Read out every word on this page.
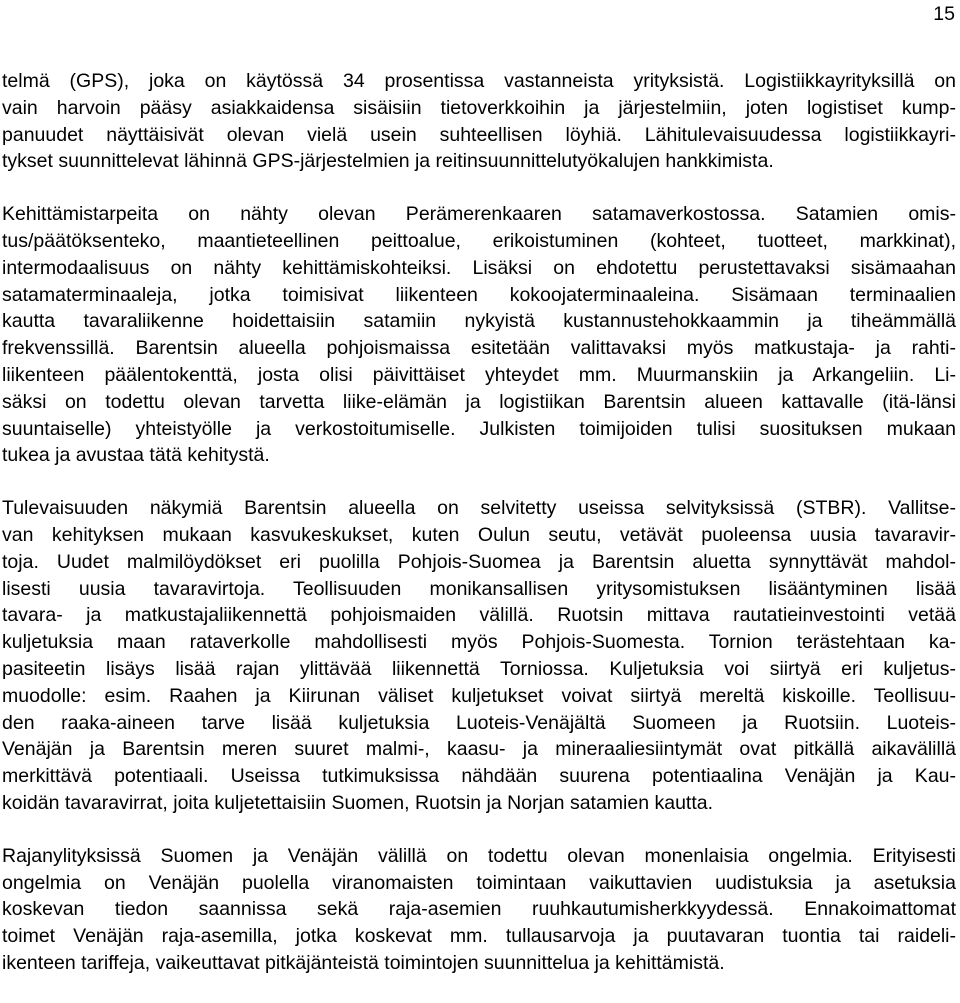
15
telmä (GPS), joka on käytössä 34 prosentissa vastanneista yrityksistä. Logistiikkayrityksillä on
vain harvoin pääsy asiakkaidensa sisäisiin tietoverkkoihin ja järjestelmiin, joten logistiset kump-
panuudet näyttäisivät olevan vielä usein suhteellisen löyhiä. Lähitulevaisuudessa logistiikkayri-
tykset suunnittelevat lähinnä GPS-järjestelmien ja reitinsuunnittelutyökalujen hankkimista.
Kehittämistarpeita on nähty olevan Perämerenkaaren satamaverkostossa. Satamien omis-
tus/päätöksenteko, maantieteellinen peittoalue, erikoistuminen (kohteet, tuotteet, markkinat),
intermodaalisuus on nähty kehittämiskohteiksi. Lisäksi on ehdotettu perustettavaksi sisämaahan
satamaterminaaleja, jotka toimisivat liikenteen kokoojaterminaaleina. Sisämaan terminaalien
kautta tavaraliikenne hoidettaisiin satamiin nykyistä kustannustehokkaammin ja tiheämmällä
frekvenssillä. Barentsin alueella pohjoismaissa esitetään valittavaksi myös matkustaja- ja rahti-
liikenteen päälentokenttä, josta olisi päivittäiset yhteydet mm. Muurmanskiin ja Arkangeliin. Li-
säksi on todettu olevan tarvetta liike-elämän ja logistiikan Barentsin alueen kattavalle (itä-länsi
suuntaiselle) yhteistyölle ja verkostoitumiselle. Julkisten toimijoiden tulisi suosituksen mukaan
tukea ja avustaa tätä kehitystä.
Tulevaisuuden näkymiä Barentsin alueella on selvitetty useissa selvityksissä (STBR). Vallitse-
van kehityksen mukaan kasvukeskukset, kuten Oulun seutu, vetävät puoleensa uusia tavaravir-
toja. Uudet malmilöydökset eri puolilla Pohjois-Suomea ja Barentsin aluetta synnyttävät mahdol-
lisesti uusia tavaravirtoja. Teollisuuden monikansallisen yritysomistuksen lisääntyminen lisää
tavara- ja matkustajaliikennettä pohjoismaiden välillä. Ruotsin mittava rautatieinvestointi vetää
kuljetuksia maan rataverkolle mahdollisesti myös Pohjois-Suomesta. Tornion terästehtaan ka-
pasiteetin lisäys lisää rajan ylittävää liikennettä Torniossa. Kuljetuksia voi siirtyä eri kuljetus-
muodolle: esim. Raahen ja Kiirunan väliset kuljetukset voivat siirtyä mereltä kiskoille. Teollisuu-
den raaka-aineen tarve lisää kuljetuksia Luoteis-Venäjältä Suomeen ja Ruotsiin. Luoteis-
Venäjän ja Barentsin meren suuret malmi-, kaasu- ja mineraaliesiintymät ovat pitkällä aikavälillä
merkittävä potentiaali. Useissa tutkimuksissa nähdään suurena potentiaalina Venäjän ja Kau-
koidän tavaravirrat, joita kuljetettaisiin Suomen, Ruotsin ja Norjan satamien kautta.
Rajanylityksissä Suomen ja Venäjän välillä on todettu olevan monenlaisia ongelmia. Erityisesti
ongelmia on Venäjän puolella viranomaisten toimintaan vaikuttavien uudistuksia ja asetuksia
koskevan tiedon saannissa sekä raja-asemien ruuhkautumisherkkyydessä. Ennakoimattomat
toimet Venäjän raja-asemilla, jotka koskevat mm. tullausarvoja ja puutavaran tuontia tai raideli-
ikenteen tariffeja, vaikeuttavat pitkäjänteistä toimintojen suunnittelua ja kehittämistä.
